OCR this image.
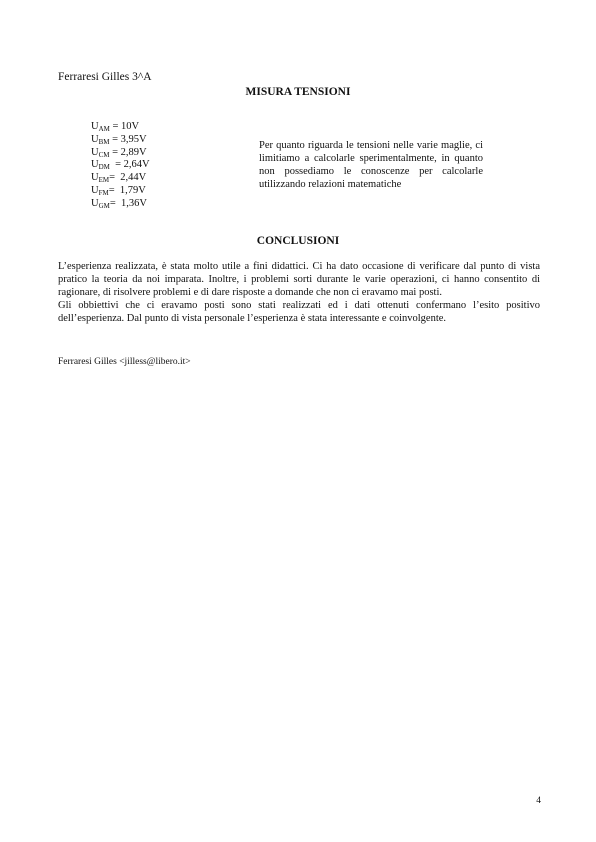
Ferraresi Gilles 3^A
MISURA TENSIONI
$U_{AM} = 10V$
$U_{BM} = 3,95V$
$U_{CM} = 2,89V$
$U_{DM} = 2,64V$
$U_{EM}= 2,44V$
$U_{FM}= 1,79V$
$U_{GM}= 1,36V$
Per quanto riguarda le tensioni nelle varie maglie, ci limitiamo a calcolarle sperimentalmente, in quanto non possediamo le conoscenze per calcolarle utilizzando relazioni matematiche
CONCLUSIONI

L’esperienza realizzata, è stata molto utile a fini didattici. Ci ha dato occasione di verificare dal punto di vista pratico la teoria da noi imparata. Inoltre, i problemi sorti durante le varie operazioni, ci hanno consentito di ragionare, di risolvere problemi e di dare risposte a domande che non ci eravamo mai posti.

Gli obbiettivi che ci eravamo posti sono stati realizzati ed i dati ottenuti confermano l’esito positivo dell’esperienza. Dal punto di vista personale l’esperienza è stata interessante e coinvolgente.

Ferraresi Gilles <jilless@libero.it>
4
